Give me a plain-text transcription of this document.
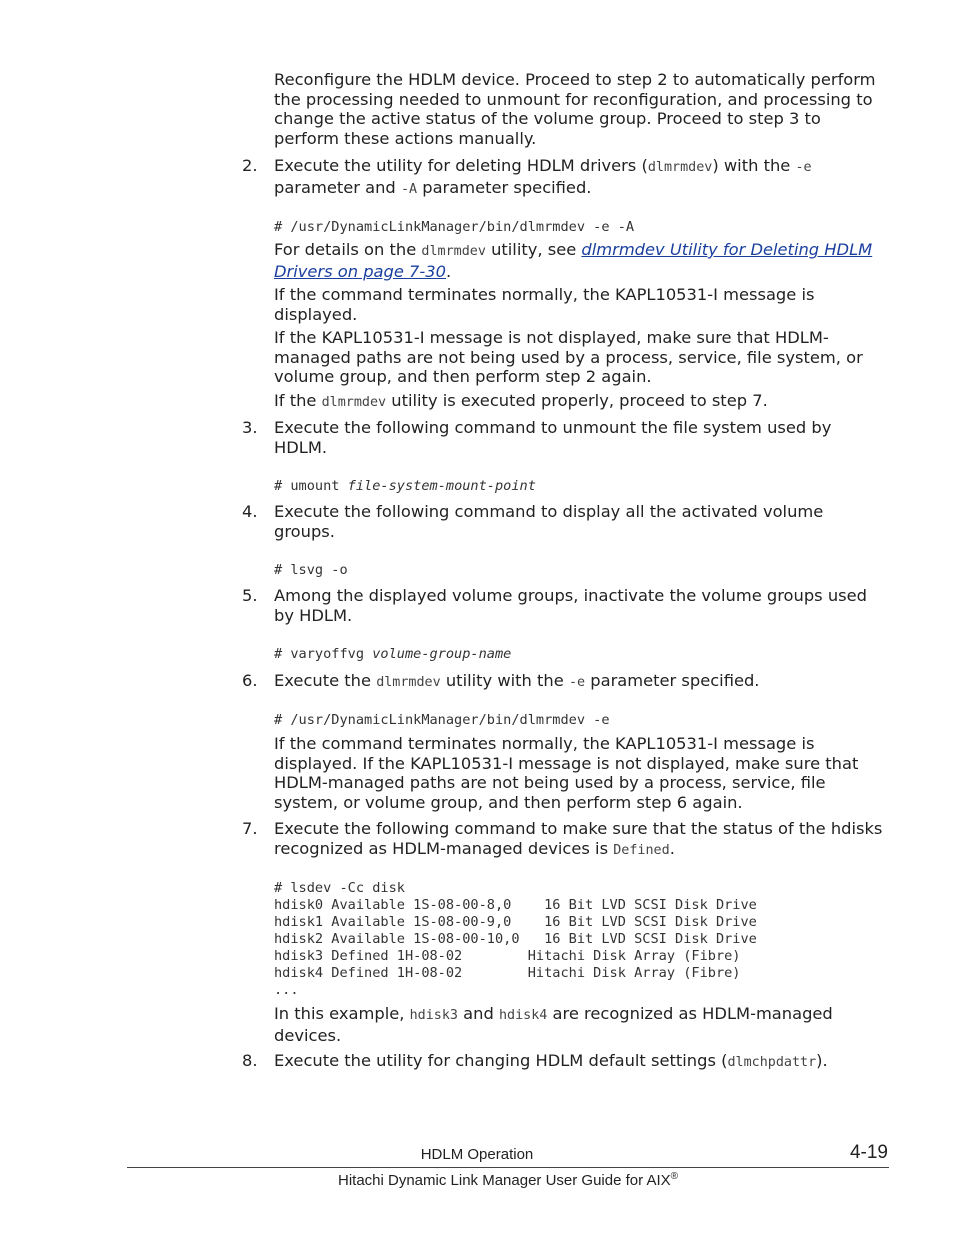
Reconfigure the HDLM device. Proceed to step 2 to automatically perform the processing needed to unmount for reconfiguration, and processing to change the active status of the volume group. Proceed to step 3 to perform these actions manually.

2. Execute the utility for deleting HDLM drivers (dlmrmdev) with the -e
parameter and -A parameter specified.

# /usr/DynamicLinkManager/bin/dlmrmdev -e -A

For details on the dlmrmdev utility, see dlmrmdev Utility for Deleting HDLM Drivers on page 7-30.

If the command terminates normally, the KAPL10531-I message is displayed.

If the KAPL10531-I message is not displayed, make sure that HDLM-managed paths are not being used by a process, service, file system, or volume group, and then perform step 2 again.

If the dlmrmdev utility is executed properly, proceed to step 7.

3. Execute the following command to unmount the file system used by HDLM.

# umount file-system-mount-point
4. Execute the following command to display all the activated volume groups.

# lsvg -o
5. Among the displayed volume groups, inactivate the volume groups used by HDLM.

# varyoffvg volume-group-name
6. Execute the dlmrmdev utility with the -e parameter specified.

# /usr/DynamicLinkManager/bin/dlmrmdev -e

If the command terminates normally, the KAPL10531-I message is displayed. If the KAPL10531-I message is not displayed, make sure that HDLM-managed paths are not being used by a process, service, file system, or volume group, and then perform step 6 again.

7. Execute the following command to make sure that the status of the hdisks recognized as HDLM-managed devices is Defined.

# lsdev -Cc disk
hdisk0 Available 1S-08-00-8,0    16 Bit LVD SCSI Disk Drive
hdisk1 Available 1S-08-00-9,0    16 Bit LVD SCSI Disk Drive
hdisk2 Available 1S-08-00-10,0   16 Bit LVD SCSI Disk Drive
hdisk3 Defined 1H-08-02        Hitachi Disk Array (Fibre)
hdisk4 Defined 1H-08-02        Hitachi Disk Array (Fibre)
...

In this example, hdisk3 and hdisk4 are recognized as HDLM-managed devices.

8. Execute the utility for changing HDLM default settings (dlmchpdattr).

HDLM Operation	4-19
Hitachi Dynamic Link Manager User Guide for AIX®
